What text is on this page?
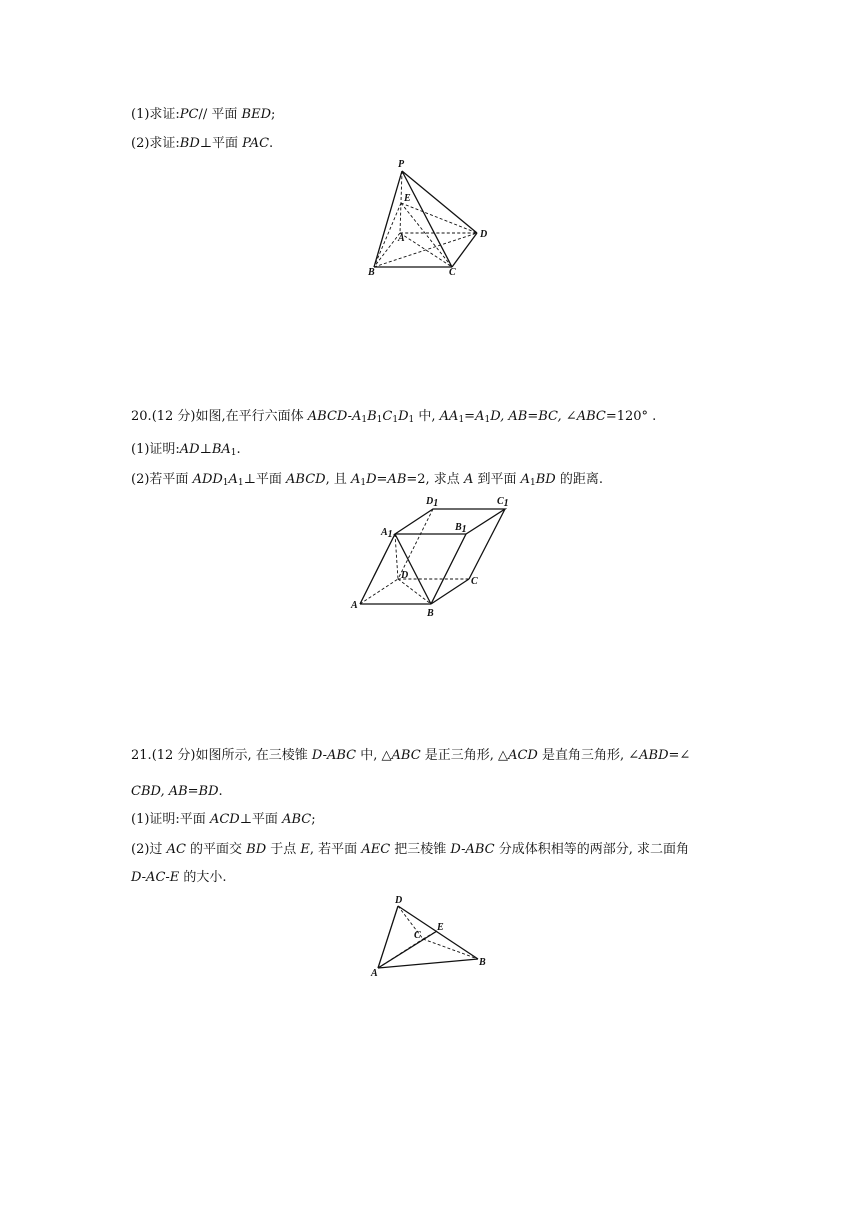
(1)求证:PC// 平面 BED;
(2)求证:BD⊥平面 PAC.
P
E
A	D
B	C
20.(12 分)如图,在平行六面体 ABCD-$A_1B_1C_1D_1$ 中, $AA_1=A_1D$, AB=BC, ∠ABC=120° .
(1)证明$:AD\perp BA_1$.
(2)若平面 $ADD_1A_1\perp$平面 ABCD, 且 $A_1D=AB=2$, 求点 A 到平面 $A_1BD$ 的距离.
D1	C1
A1
B1
D
C
A
B
21.(12 分)如图所示, 在三棱锥 D-ABC 中, △ABC 是正三角形, △ACD 是直角三角形, ∠ABD=∠
CBD, AB=BD.
(1)证明:平面 ACD⊥平面 ABC;
(2)过 AC 的平面交 BD 于点 E, 若平面 AEC 把三棱锥 D-ABC 分成体积相等的两部分, 求二面角
D-AC-E 的大小.
D
E
C
A
B
